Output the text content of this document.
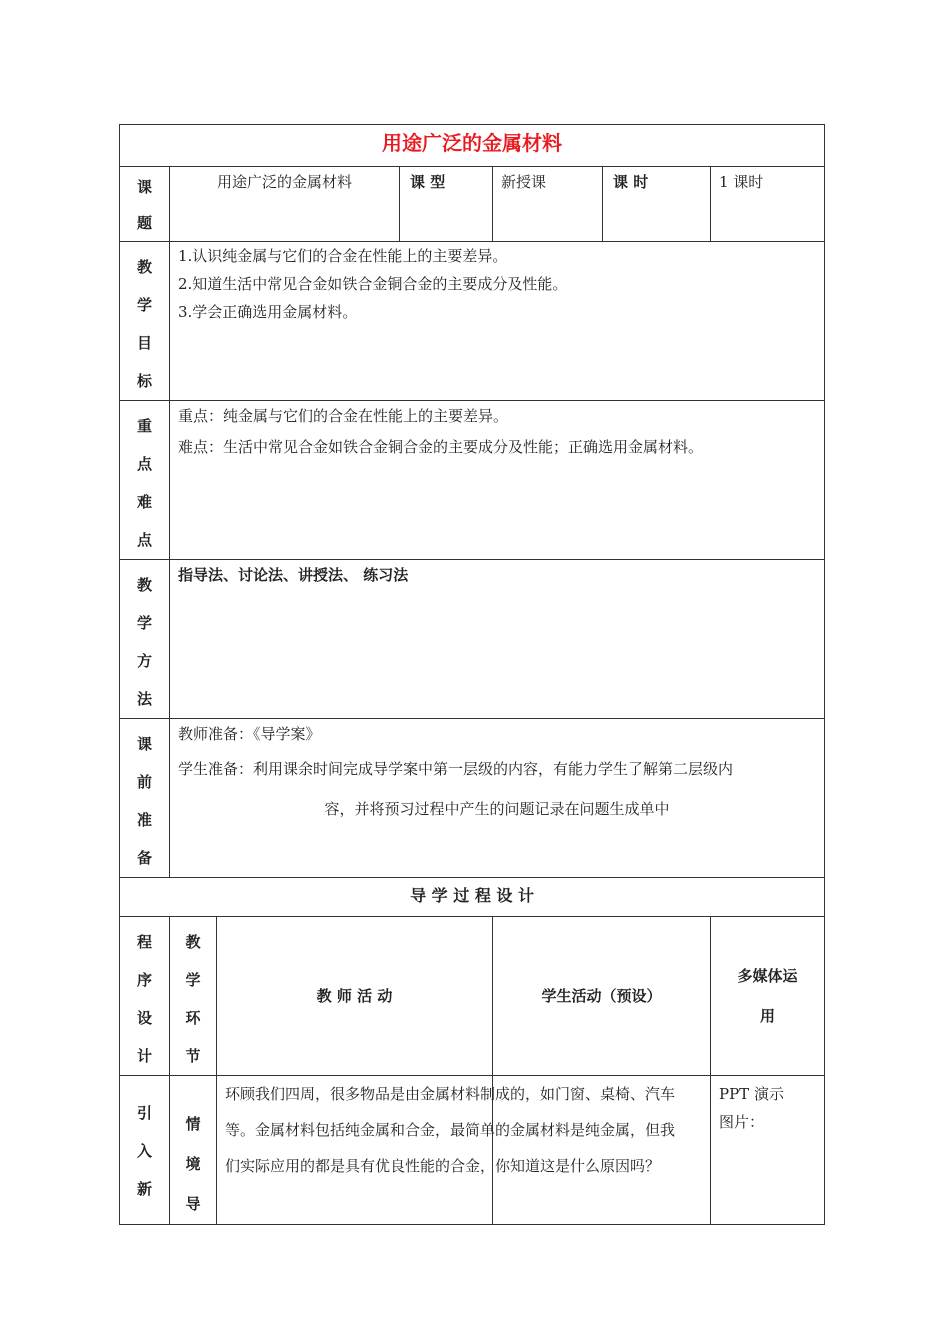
用途广泛的金属材料						

课
题	用途广泛的金属材料		课 型	新授课	课 时	1 课时

教
学
目
标	1.认识纯金属与它们的合金在性能上的主要差异。
2.知道生活中常见合金如铁合金铜合金的主要成分及性能。
3.学会正确选用金属材料。					

重
点
难
点	重点：纯金属与它们的合金在性能上的主要差异。
难点：生活中常见合金如铁合金铜合金的主要成分及性能；正确选用金属材料。					

教
学
方
法	指导法、讨论法、讲授法、 练习法					

课
前
准
备	教师准备：《导学案》
学生准备：利用课余时间完成导学案中第一层级的内容，有能力学生了解第二层级内
容，并将预习过程中产生的问题记录在问题生成单中					

导 学 过 程 设 计						

程
序
设
计	教
学
环
节	教 师 活 动		学生活动（预设）		多媒体运
用

引
入
新	情
境
导	环顾我们四周，很多物品是由金属材料制成的，如门窗、桌椅、汽车
等。金属材料包括纯金属和合金，最简单的金属材料是纯金属，但我
们实际应用的都是具有优良性能的合金，你知道这是什么原因吗？				PPT 演示
图片：
